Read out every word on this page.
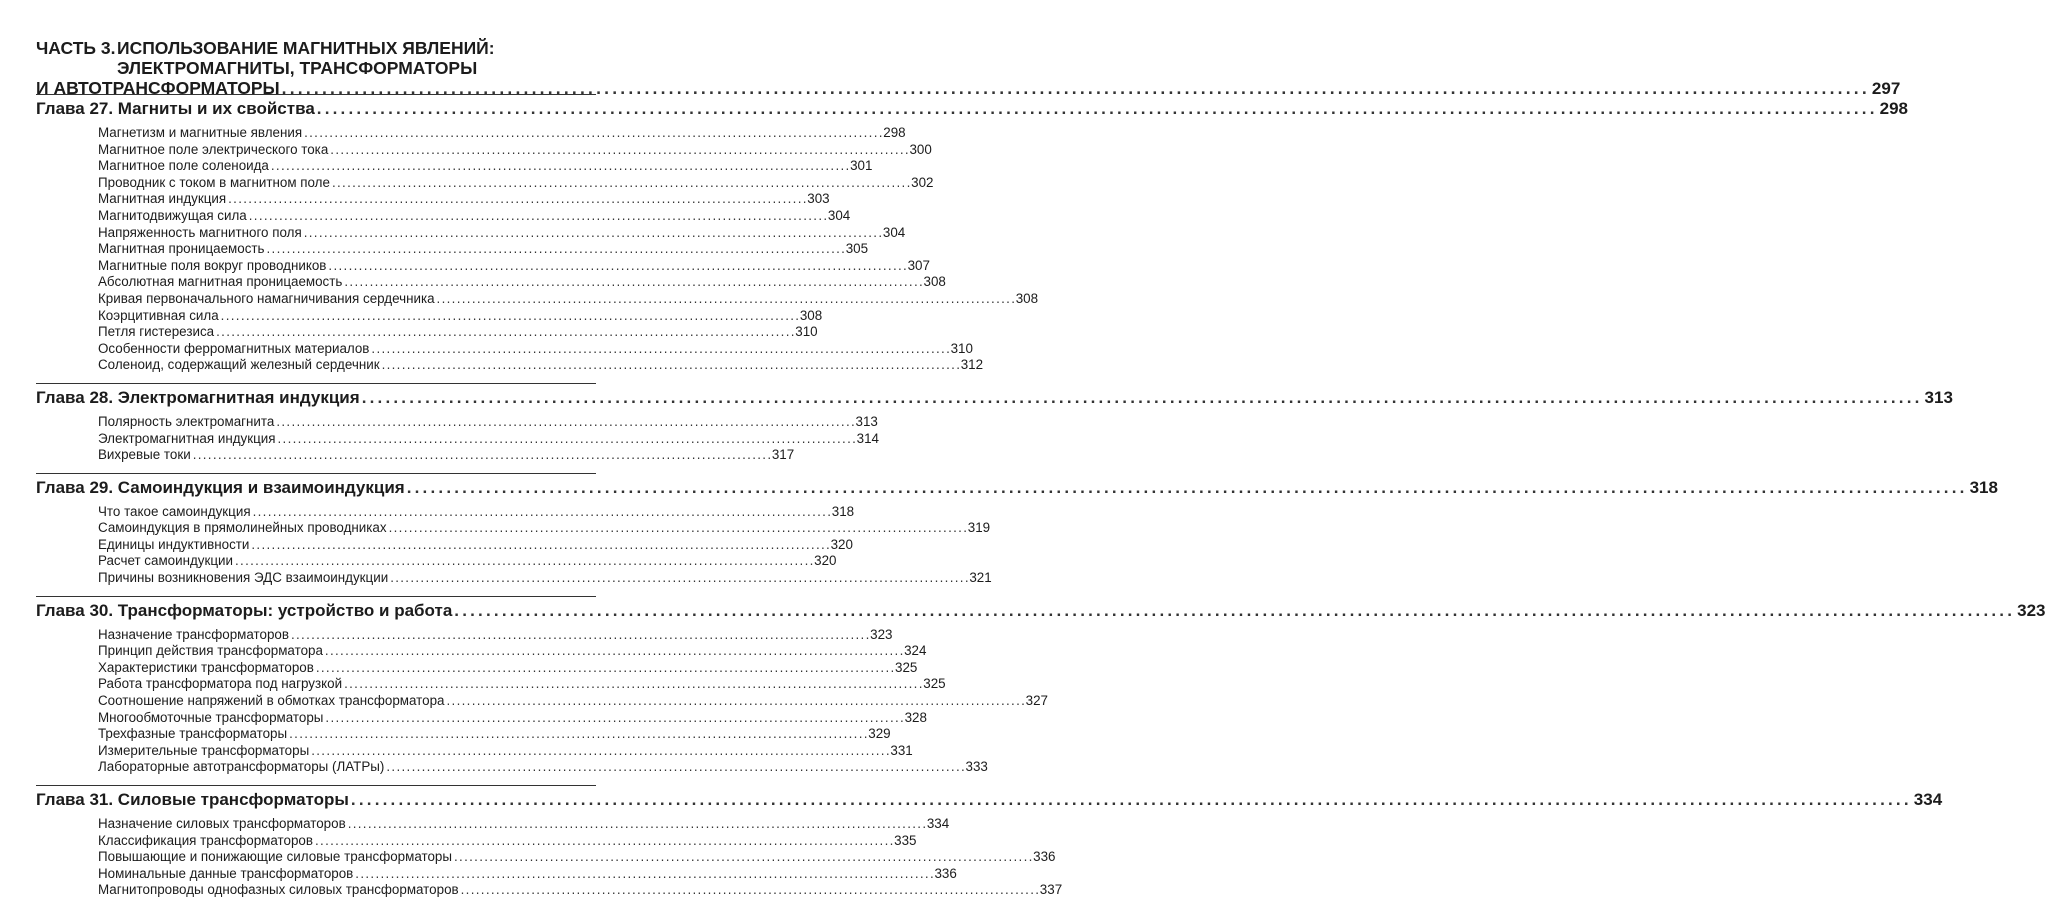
ЧАСТЬ 3. ИСПОЛЬЗОВАНИЕ МАГНИТНЫХ ЯВЛЕНИЙ:
ЭЛЕКТРОМАГНИТЫ, ТРАНСФОРМАТОРЫ
И АВТОТРАНСФОРМАТОРЫ .....	297
Глава 27. Магниты и их свойства .....	298
Магнетизм и магнитные явления . . .	298
Магнитное поле электрического тока . . .	300
Магнитное поле соленоида . . .	301
Проводник с током в магнитном поле . . .	302
Магнитная индукция . . .	303
Магнитодвижущая сила . . .	304
Напряженность магнитного поля . . .	304
Магнитная проницаемость . . .	305
Магнитные поля вокруг проводников . . .	307
Абсолютная магнитная проницаемость . . .	308
Кривая первоначального намагничивания сердечника . . .	308
Коэрцитивная сила . . .	308
Петля гистерезиса . . .	310
Особенности ферромагнитных материалов . . .	310
Соленоид, содержащий железный сердечник . . .	312
Глава 28. Электромагнитная индукция .....	313
Полярность электромагнита . . .	313
Электромагнитная индукция . . .	314
Вихревые токи . . .	317
Глава 29. Самоиндукция и взаимоиндукция .....	318
Что такое самоиндукция . . .	318
Самоиндукция в прямолинейных проводниках . . .	319
Единицы индуктивности . . .	320
Расчет самоиндукции . . .	320
Причины возникновения ЭДС взаимоиндукции . . .	321
Глава 30. Трансформаторы: устройство и работа .....	323
Назначение трансформаторов . . .	323
Принцип действия трансформатора . . .	324
Характеристики трансформаторов . . .	325
Работа трансформатора под нагрузкой . . .	325
Соотношение напряжений в обмотках трансформатора . . .	327
Многообмоточные трансформаторы . . .	328
Трехфазные трансформаторы . . .	329
Измерительные трансформаторы . . .	331
Лабораторные автотрансформаторы (ЛАТРы) . . .	333
Глава 31. Силовые трансформаторы .....	334
Назначение силовых трансформаторов . . .	334
Классификация трансформаторов . . .	335
Повышающие и понижающие силовые трансформаторы . . .	336
Номинальные данные трансформаторов . . .	336
Магнитопроводы однофазных силовых трансформаторов . . .	337
